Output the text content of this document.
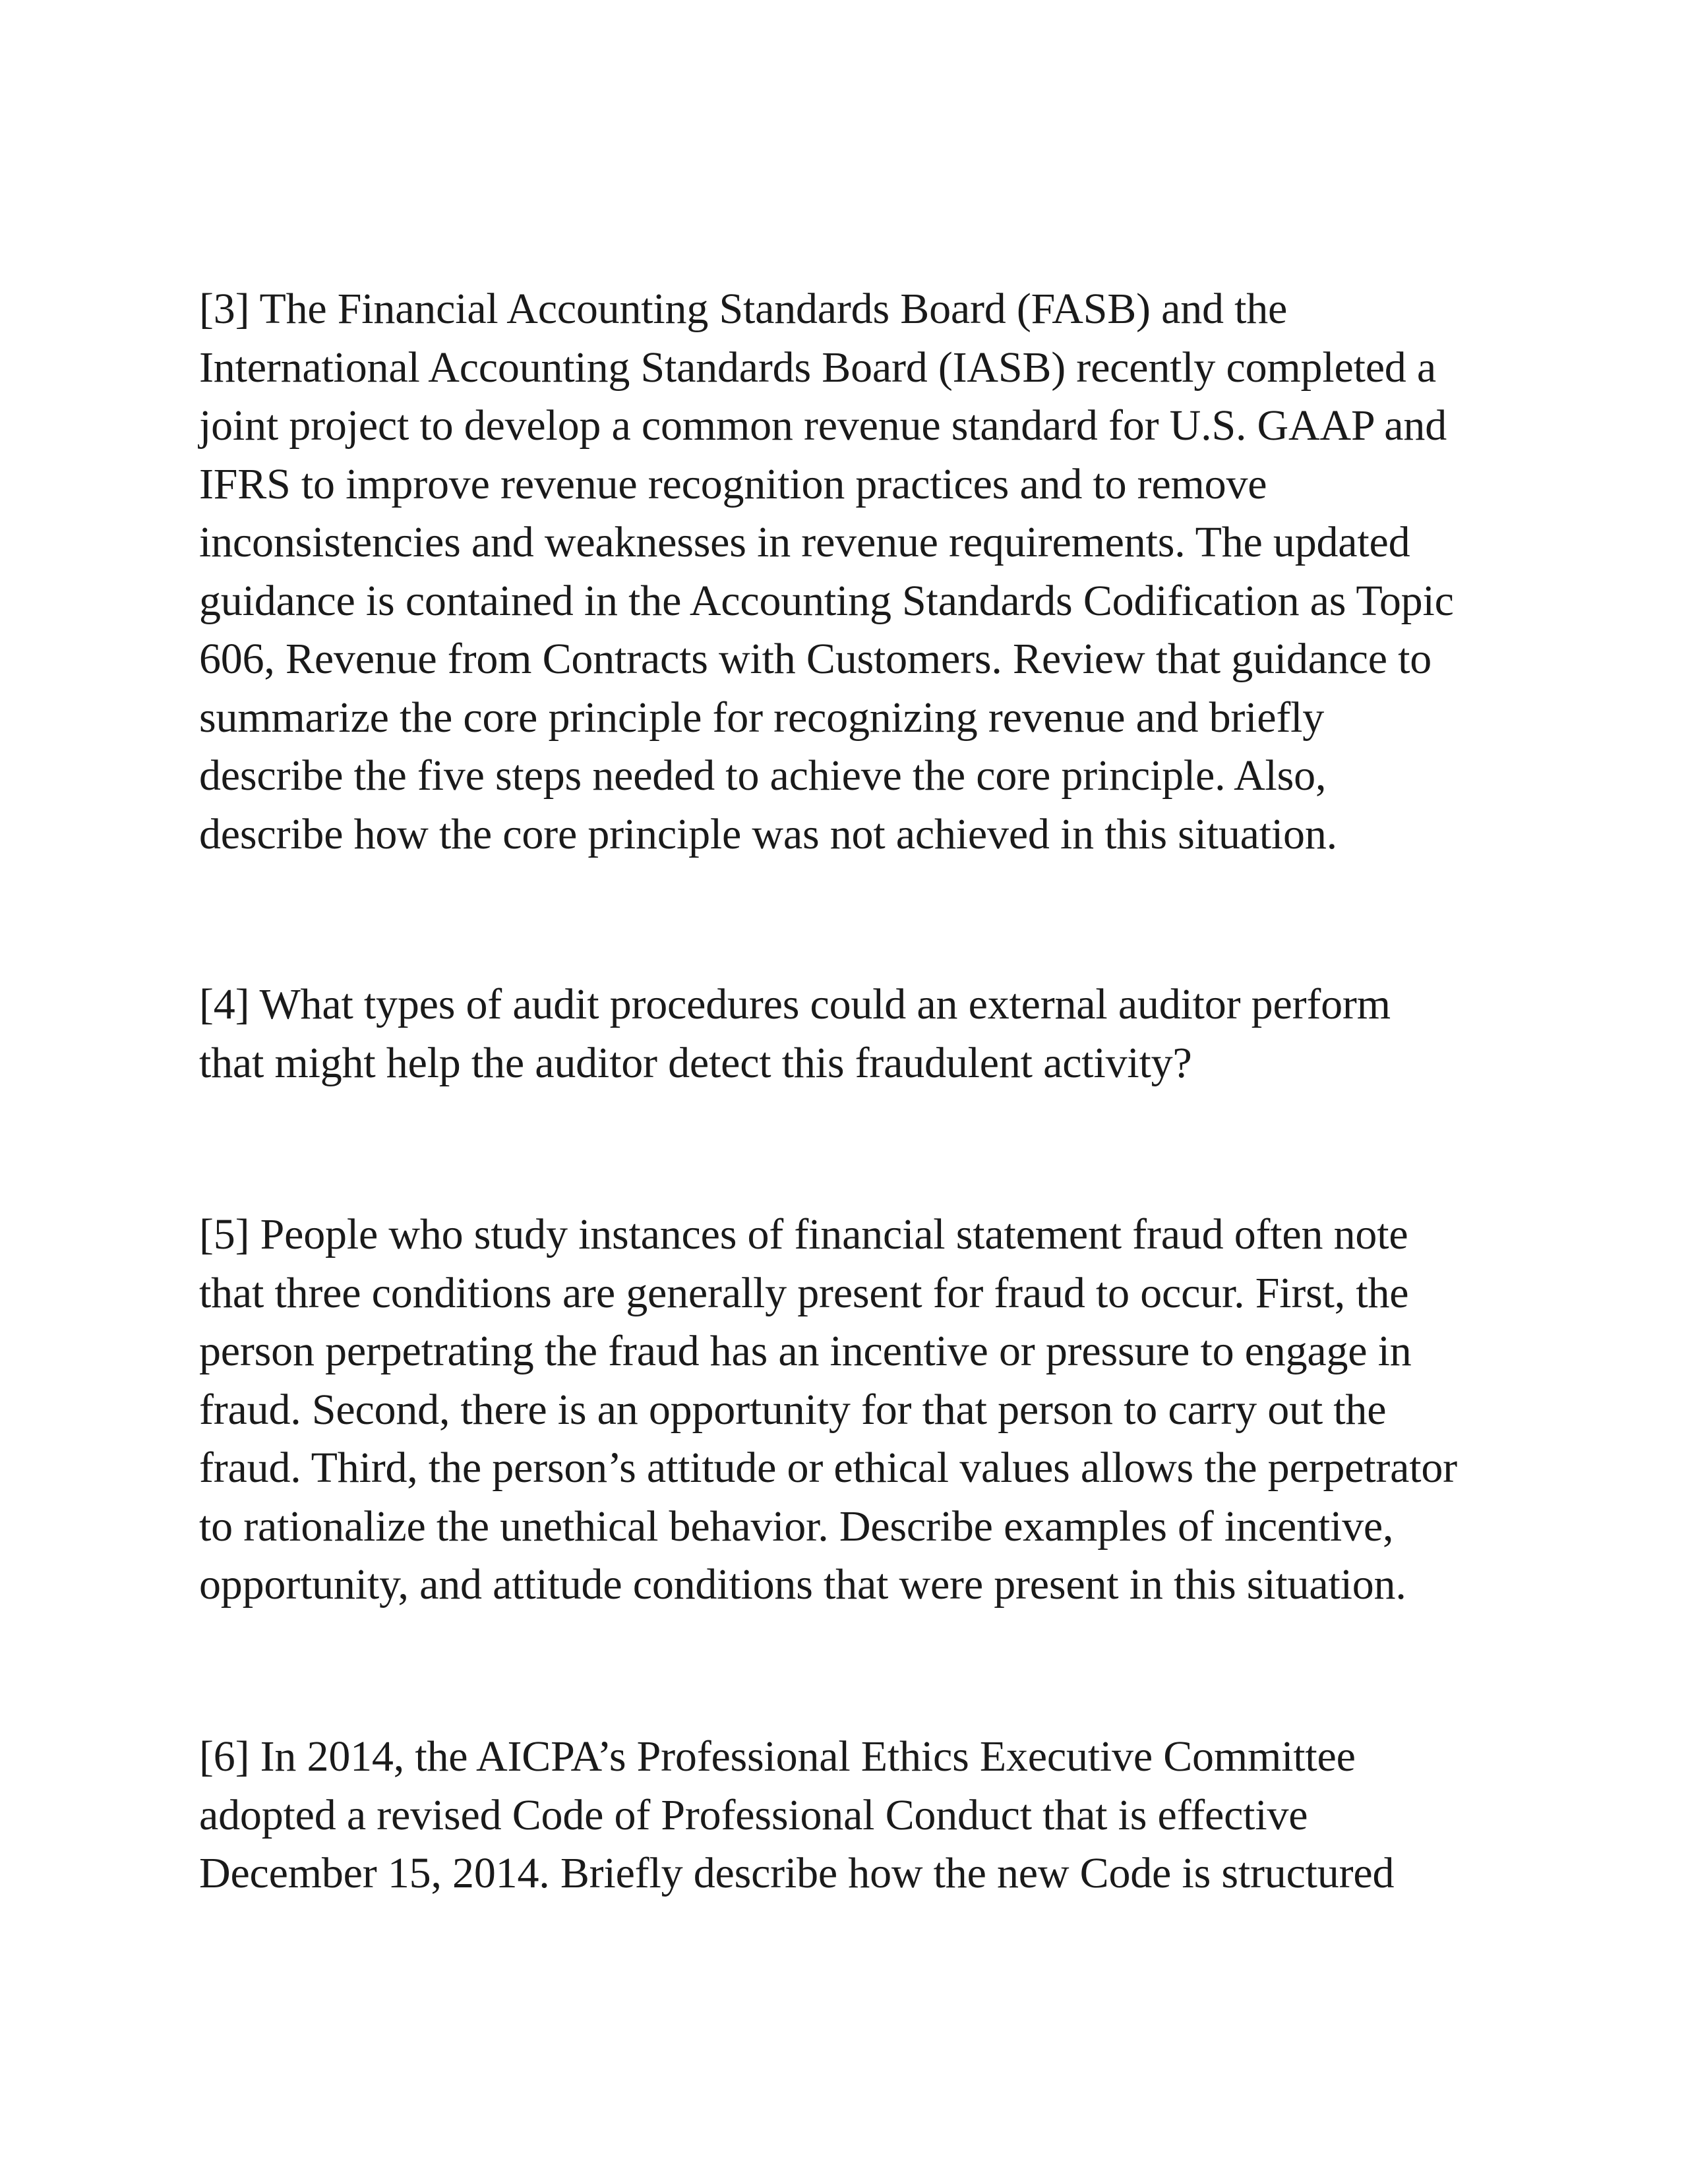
[3] The Financial Accounting Standards Board (FASB) and the
International Accounting Standards Board (IASB) recently completed a
joint project to develop a common revenue standard for U.S. GAAP and
IFRS to improve revenue recognition practices and to remove
inconsistencies and weaknesses in revenue requirements. The updated
guidance is contained in the Accounting Standards Codification as Topic
606, Revenue from Contracts with Customers. Review that guidance to
summarize the core principle for recognizing revenue and briefly
describe the five steps needed to achieve the core principle. Also,
describe how the core principle was not achieved in this situation.

[4] What types of audit procedures could an external auditor perform
that might help the auditor detect this fraudulent activity?

[5] People who study instances of financial statement fraud often note
that three conditions are generally present for fraud to occur. First, the
person perpetrating the fraud has an incentive or pressure to engage in
fraud. Second, there is an opportunity for that person to carry out the
fraud. Third, the person’s attitude or ethical values allows the perpetrator
to rationalize the unethical behavior. Describe examples of incentive,
opportunity, and attitude conditions that were present in this situation.

[6] In 2014, the AICPA’s Professional Ethics Executive Committee
adopted a revised Code of Professional Conduct that is effective
December 15, 2014. Briefly describe how the new Code is structured
